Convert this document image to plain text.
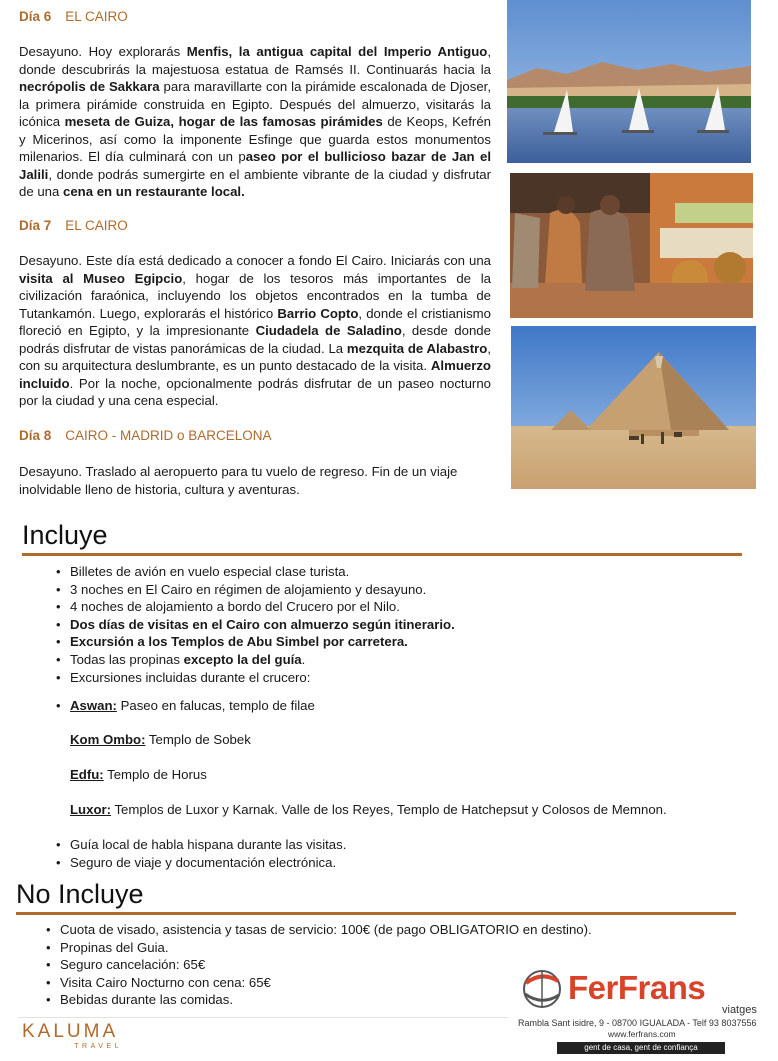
Día 6 EL CAIRO
Desayuno. Hoy explorarás Menfis, la antigua capital del Imperio Antiguo, donde descubrirás la majestuosa estatua de Ramsés II. Continuarás hacia la necrópolis de Sakkara para maravillarte con la pirámide escalonada de Djoser, la primera pirámide construida en Egipto. Después del almuerzo, visitarás la icónica meseta de Guiza, hogar de las famosas pirámides de Keops, Kefrén y Micerinos, así como la imponente Esfinge que guarda estos monumentos milenarios. El día culminará con un paseo por el bullicioso bazar de Jan el Jalili, donde podrás sumergirte en el ambiente vibrante de la ciudad y disfrutar de una cena en un restaurante local.
Día 7 EL CAIRO
Desayuno. Este día está dedicado a conocer a fondo El Cairo. Iniciarás con una visita al Museo Egipcio, hogar de los tesoros más importantes de la civilización faraónica, incluyendo los objetos encontrados en la tumba de Tutankamón. Luego, explorarás el histórico Barrio Copto, donde el cristianismo floreció en Egipto, y la impresionante Ciudadela de Saladino, desde donde podrás disfrutar de vistas panorámicas de la ciudad. La mezquita de Alabastro, con su arquitectura deslumbrante, es un punto destacado de la visita. Almuerzo incluido. Por la noche, opcionalmente podrás disfrutar de un paseo nocturno por la ciudad y una cena especial.
Día 8 CAIRO - MADRID o BARCELONA
Desayuno. Traslado al aeropuerto para tu vuelo de regreso. Fin de un viaje inolvidable lleno de historia, cultura y aventuras.
Incluye
• Billetes de avión en vuelo especial clase turista.
• 3 noches en El Cairo en régimen de alojamiento y desayuno.
• 4 noches de alojamiento a bordo del Crucero por el Nilo.
• Dos días de visitas en el Cairo con almuerzo según itinerario.
• Excursión a los Templos de Abu Simbel por carretera.
• Todas las propinas excepto la del guía.
• Excursiones incluidas durante el crucero:
• Aswan: Paseo en falucas, templo de filae
Kom Ombo: Templo de Sobek
Edfu: Templo de Horus
Luxor: Templos de Luxor y Karnak. Valle de los Reyes, Templo de Hatchepsut y Colosos de Memnon.
• Guía local de habla hispana durante las visitas.
• Seguro de viaje y documentación electrónica.
No Incluye
• Cuota de visado, asistencia y tasas de servicio: 100€ (de pago OBLIGATORIO en destino).
• Propinas del Guia.
• Seguro cancelación: 65€
• Visita Cairo Nocturno con cena: 65€
• Bebidas durante las comidas.
KALUMA
TRAVEL
FerFrans
viatges
Rambla Sant isidre, 9 - 08700 IGUALADA - Telf 93 8037556
www.ferfrans.com
gent de casa, gent de confiança
